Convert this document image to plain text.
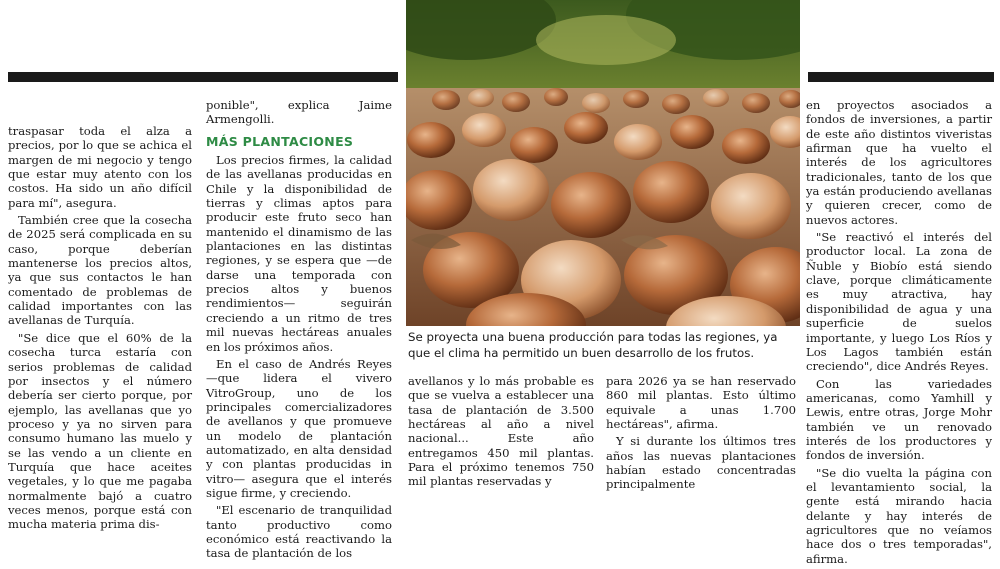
traspasar toda el alza a precios, por lo que se achica el margen de mi negocio y tengo que estar muy atento con los costos. Ha sido un año difícil para mí", asegura.

También cree que la cosecha de 2025 será complicada en su caso, porque deberían mantenerse los precios altos, ya que sus contactos le han comentado de problemas de calidad importantes con las avellanas de Turquía.

"Se dice que el 60% de la cosecha turca estaría con serios problemas de calidad por insectos y el número debería ser cierto porque, por ejemplo, las avellanas que yo proceso y ya no sirven para consumo humano las muelo y se las vendo a un cliente en Turquía que hace aceites vegetales, y lo que me pagaba normalmente bajó a cuatro veces menos, porque está con mucha materia prima dis-

ponible", explica Jaime Armengolli.

MÁS PLANTACIONES

Los precios firmes, la calidad de las avellanas producidas en Chile y la disponibilidad de tierras y climas aptos para producir este fruto seco han mantenido el dinamismo de las plantaciones en las distintas regiones, y se espera que —de darse una temporada con precios altos y buenos rendimientos— seguirán creciendo a un ritmo de tres mil nuevas hectáreas anuales en los próximos años.

En el caso de Andrés Reyes —que lidera el vivero VitroGroup, uno de los principales comercializadores de avellanos y que promueve un modelo de plantación automatizado, en alta densidad y con plantas producidas in vitro— asegura que el interés sigue firme, y creciendo.

"El escenario de tranquilidad tanto productivo como económico está reactivando la tasa de plantación de los

Se proyecta una buena producción para todas las regiones, ya que el clima ha permitido un buen desarrollo de los frutos.

avellanos y lo más probable es que se vuelva a establecer una tasa de plantación de 3.500 hectáreas al año a nivel nacional... Este año entregamos 450 mil plantas. Para el próximo tenemos 750 mil plantas reservadas y

para 2026 ya se han reservado 860 mil plantas. Esto último equivale a unas 1.700 hectáreas", afirma.

Y si durante los últimos tres años las nuevas plantaciones habían estado concentradas principalmente

en proyectos asociados a fondos de inversiones, a partir de este año distintos viveristas afirman que ha vuelto el interés de los agricultores tradicionales, tanto de los que ya están produciendo avellanas y quieren crecer, como de nuevos actores.

"Se reactivó el interés del productor local. La zona de Ñuble y Biobío está siendo clave, porque climáticamente es muy atractiva, hay disponibilidad de agua y una superficie de suelos importante, y luego Los Ríos y Los Lagos también están creciendo", dice Andrés Reyes.

Con las variedades americanas, como Yamhill y Lewis, entre otras, Jorge Mohr también ve un renovado interés de los productores y fondos de inversión.

"Se dio vuelta la página con el levantamiento social, la gente está mirando hacia delante y hay interés de agricultores que no veíamos hace dos o tres temporadas", afirma.
